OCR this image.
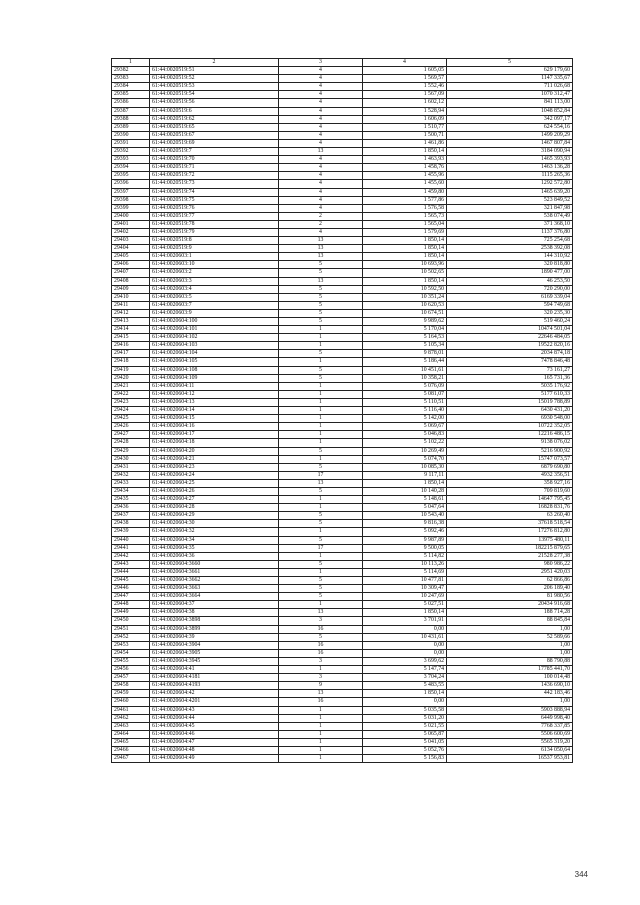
1	2	3	4	5
29382	61:44:0020519:51	4	1 605,05	629 179,60
29383	61:44:0020519:52	4	1 569,57	1147 335,67
29384	61:44:0020519:53	4	1 552,46	711 026,68
29385	61:44:0020519:54	4	1 567,09	1070 312,47
29386	61:44:0020519:56	4	1 602,12	841 113,00
29387	61:44:0020519:6	4	1 528,94	1048 852,84
29388	61:44:0020519:62	4	1 606,09	342 097,17
29389	61:44:0020519:65	4	1 510,77	624 554,16
29390	61:44:0020519:67	4	1 500,71	1499 209,29
29391	61:44:0020519:69	4	1 461,86	1467 807,84
29392	61:44:0020519:7	13	1 850,14	3184 090,94
29393	61:44:0020519:70	4	1 463,93	1465 393,93
29394	61:44:0020519:71	4	1 458,76	1463 136,28
29395	61:44:0020519:72	4	1 455,96	1115 265,36
29396	61:44:0020519:73	4	1 455,60	1292 572,80
29397	61:44:0020519:74	4	1 459,80	1465 639,20
29398	61:44:0020519:75	4	1 577,86	523 849,52
29399	61:44:0020519:76	4	1 576,58	321 847,98
29400	61:44:0020519:77	2	1 565,73	538 074,49
29401	61:44:0020519:78	2	1 565,04	371 368,10
29402	61:44:0020519:79	4	1 579,69	1137 376,80
29403	61:44:0020519:8	13	1 850,14	725 254,68
29404	61:44:0020519:9	13	1 850,14	2538 392,08
29405	61:44:0020603:1	13	1 850,14	144 310,92
29406	61:44:0020603:10	5	10 693,96	320 818,80
29407	61:44:0020603:2	5	10 502,65	1890 477,00
29408	61:44:0020603:3	13	1 850,14	46 253,50
29409	61:44:0020603:4	5	10 592,50	720 290,00
29410	61:44:0020603:5	5	10 351,24	6169 339,04
29411	61:44:0020603:7	5	10 620,53	594 749,68
29412	61:44:0020603:9	5	10 674,51	320 235,30
29413	61:44:0020604:100	5	9 989,62	519 460,24
29414	61:44:0020604:101	1	5 170,04	10474 501,04
29415	61:44:0020604:102	1	5 164,53	22646 484,05
29416	61:44:0020604:103	1	5 105,34	19522 820,16
29417	61:44:0020604:104	5	9 878,01	2034 874,18
29418	61:44:0020604:105	1	5 186,44	7478 846,48
29419	61:44:0020604:108	5	10 451,61	73 161,27
29420	61:44:0020604:109	5	10 358,21	165 731,36
29421	61:44:0020604:11	1	5 076,09	5035 176,92
29422	61:44:0020604:12	1	5 081,07	5177 610,33
29423	61:44:0020604:13	1	5 110,51	15019 788,89
29424	61:44:0020604:14	1	5 116,40	6430 431,20
29425	61:44:0020604:15	1	5 142,00	6930 548,00
29426	61:44:0020604:16	1	5 069,67	10722 352,05
29427	61:44:0020604:17	1	5 046,83	12216 486,15
29428	61:44:0020604:18	1	5 102,22	9138 076,02
29429	61:44:0020604:20	5	10 269,49	5216 900,92
29430	61:44:0020604:21	1	5 074,70	15747 073,57
29431	61:44:0020604:23	5	10 085,30	6879 690,80
29432	61:44:0020604:24	17	9 117,11	4932 356,51
29433	61:44:0020604:25	13	1 850,14	358 927,16
29434	61:44:0020604:26	5	10 140,28	709 819,60
29435	61:44:0020604:27	1	5 148,61	14647 795,45
29436	61:44:0020604:28	1	5 047,64	16828 831,76
29437	61:44:0020604:29	5	10 543,40	63 260,40
29438	61:44:0020604:30	5	9 816,38	37618 518,54
29439	61:44:0020604:32	1	5 092,46	17276 812,80
29440	61:44:0020604:34	5	9 987,89	13975 480,11
29441	61:44:0020604:35	17	9 500,05	182215 879,65
29442	61:44:0020604:36	1	5 114,82	21528 277,38
29443	61:44:0020604:3660	5	10 113,26	980 986,22
29444	61:44:0020604:3661	1	5 114,69	2951 420,03
29445	61:44:0020604:3662	5	10 477,81	62 866,86
29446	61:44:0020604:3663	5	10 309,47	206 189,40
29447	61:44:0020604:3664	5	10 247,69	81 980,56
29448	61:44:0020604:37	1	5 027,51	20434 916,68
29449	61:44:0020604:38	13	1 850,14	188 714,28
29450	61:44:0020604:3898	3	3 701,91	88 845,84
29451	61:44:0020604:3899	16	0,00	1,00
29452	61:44:0020604:39	5	10 431,61	52 589,66
29453	61:44:0020604:3904	16	0,00	1,00
29454	61:44:0020604:3905	16	0,00	1,00
29455	61:44:0020604:3945	3	3 699,62	88 790,88
29456	61:44:0020604:41	1	5 147,74	17785 441,70
29457	61:44:0020604:4181	3	3 704,24	100 014,48
29458	61:44:0020604:4193	9	5 483,55	1436 690,10
29459	61:44:0020604:42	13	1 850,14	442 183,46
29460	61:44:0020604:4201	16	0,00	1,00
29461	61:44:0020604:43	1	5 035,58	5903 888,94
29462	61:44:0020604:44	1	5 031,20	6449 998,40
29463	61:44:0020604:45	1	5 021,55	7768 337,85
29464	61:44:0020604:46	1	5 065,87	5506 600,69
29465	61:44:0020604:47	1	5 041,05	5565 319,20
29466	61:44:0020604:48	1	5 052,76	6134 050,64
29467	61:44:0020604:49	1	5 156,83	16537 953,81
344
